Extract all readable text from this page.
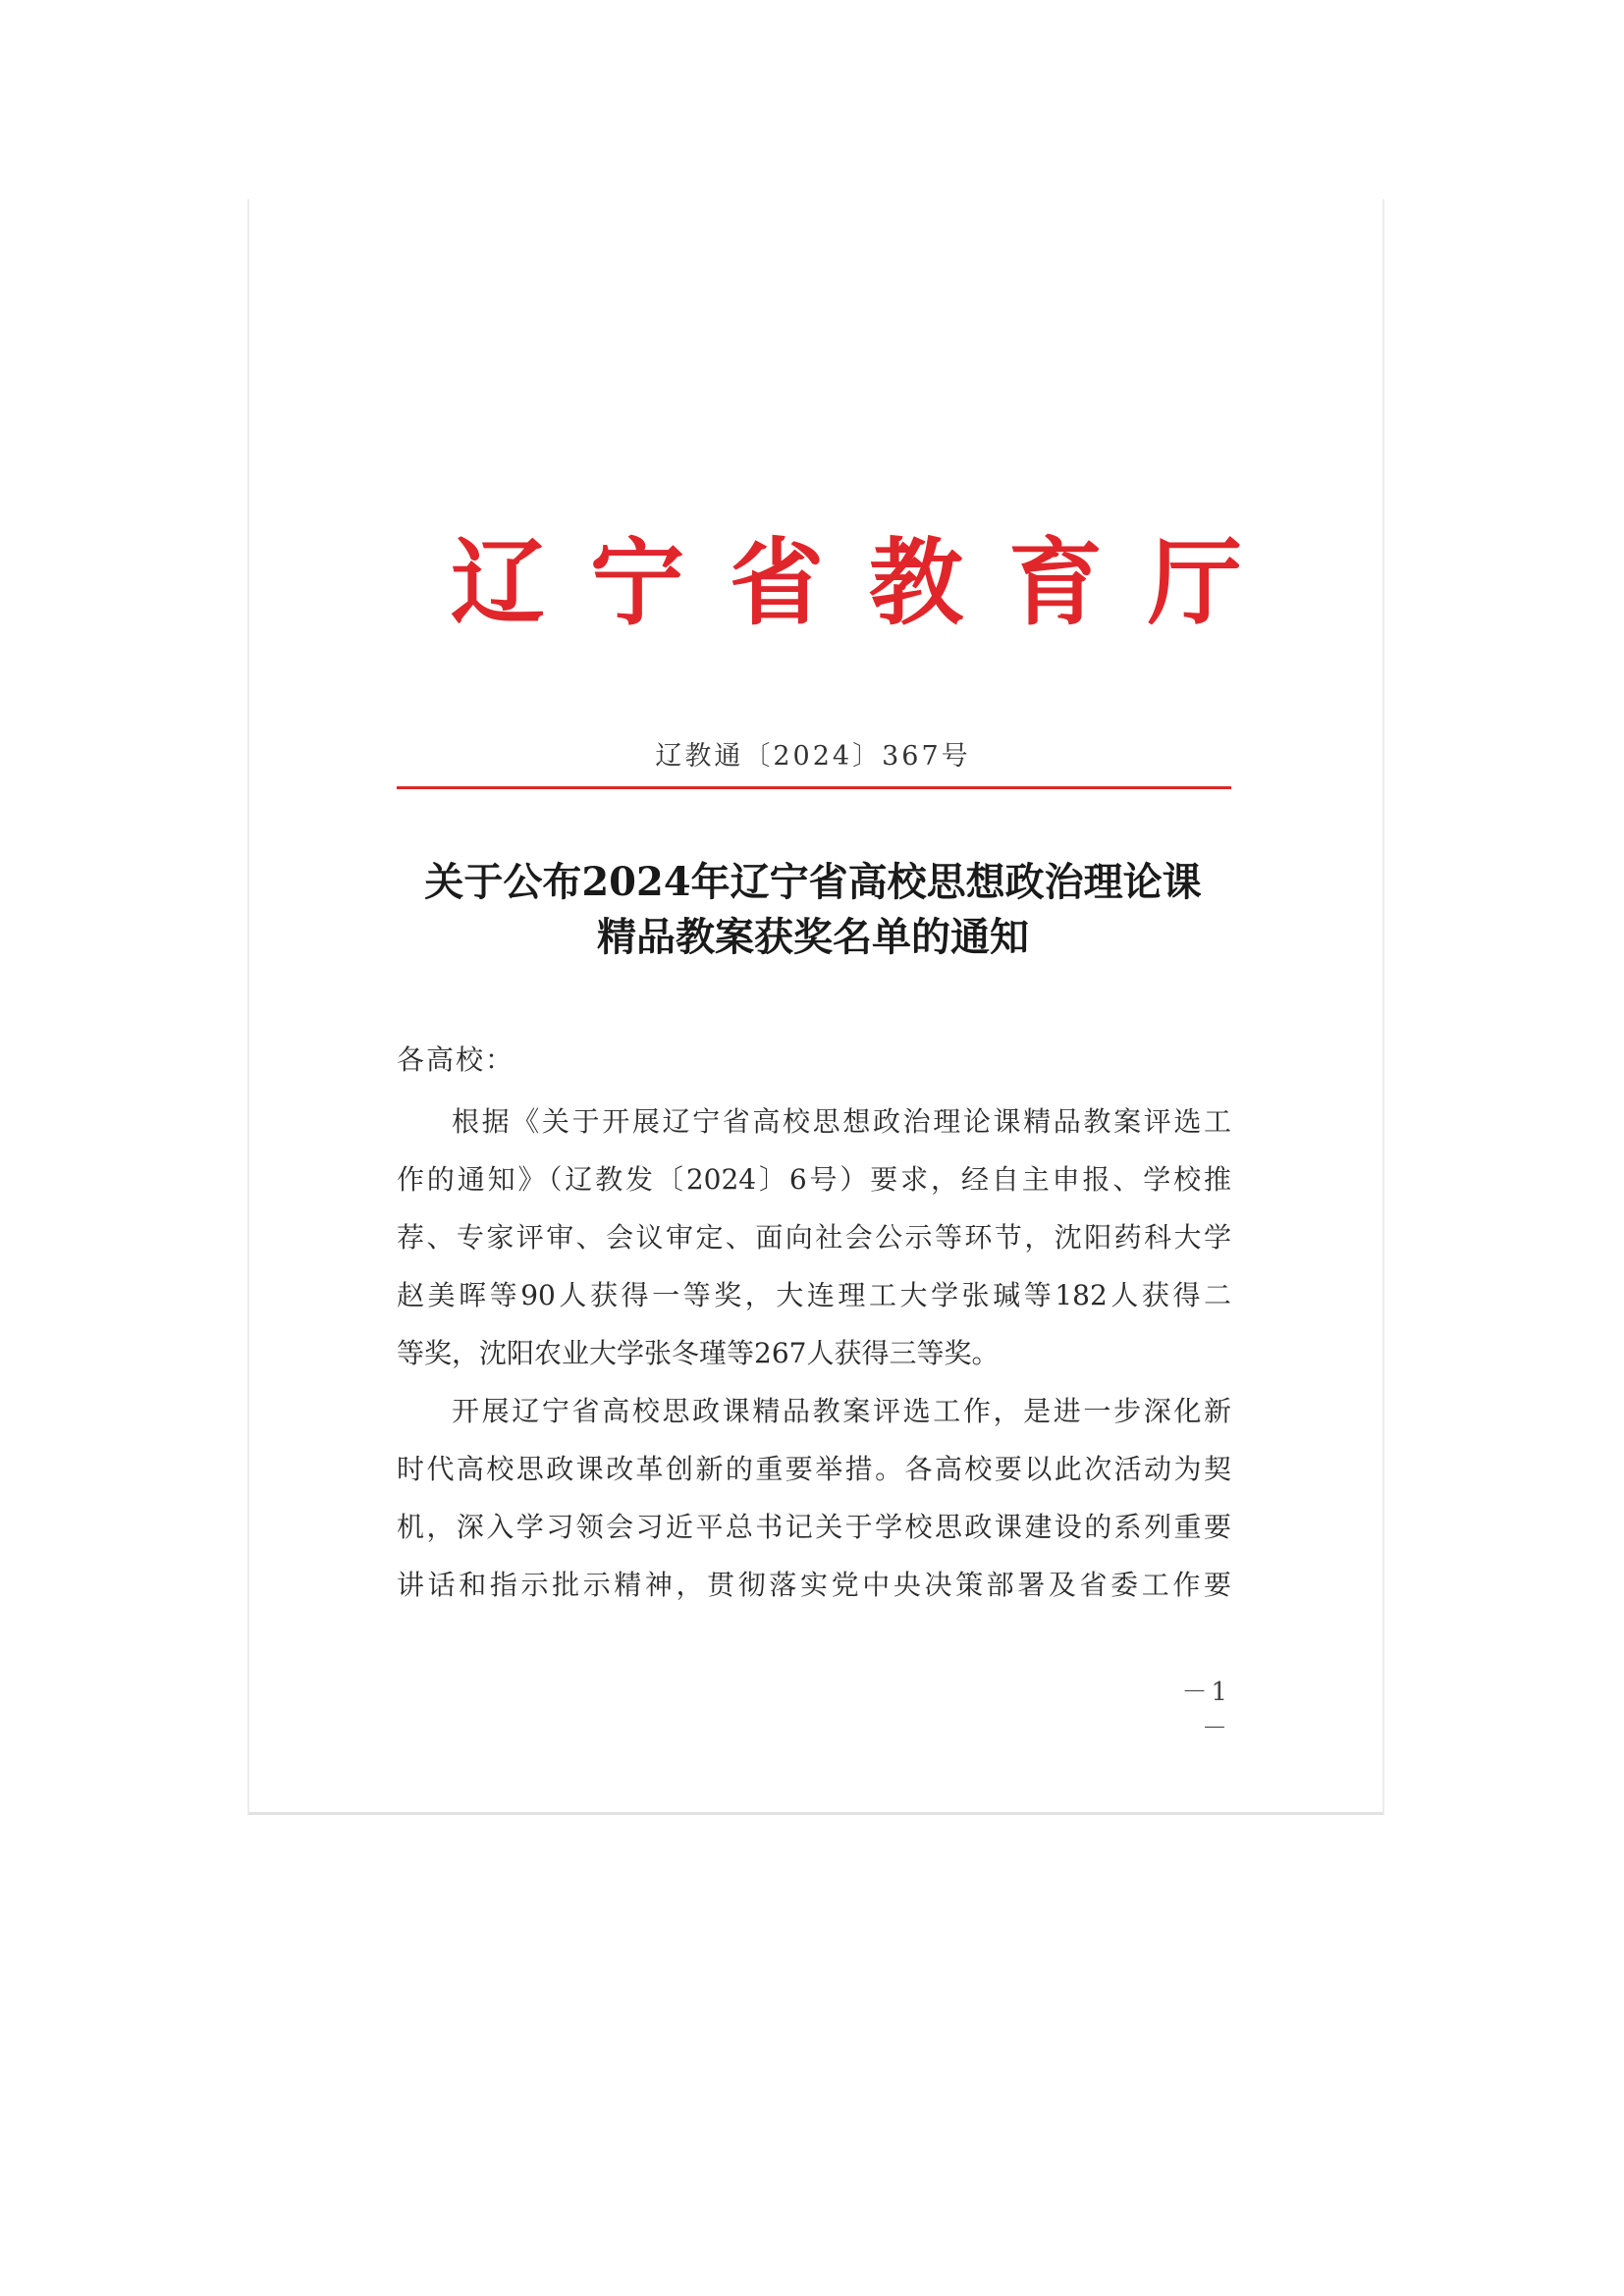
辽 宁 省 教 育 厅
辽教通〔2024〕367号
关于公布2024年辽宁省高校思想政治理论课
精品教案获奖名单的通知
各高校：
根据《关于开展辽宁省高校思想政治理论课精品教案评选工
作的通知》（辽教发〔2024〕6号）要求，经自主申报、学校推
荐、专家评审、会议审定、面向社会公示等环节，沈阳药科大学
赵美晖等90人获得一等奖，大连理工大学张瑊等182人获得二
等奖，沈阳农业大学张冬瑾等267人获得三等奖。
开展辽宁省高校思政课精品教案评选工作，是进一步深化新
时代高校思政课改革创新的重要举措。各高校要以此次活动为契
机，深入学习领会习近平总书记关于学校思政课建设的系列重要
讲话和指示批示精神，贯彻落实党中央决策部署及省委工作要
－1－
